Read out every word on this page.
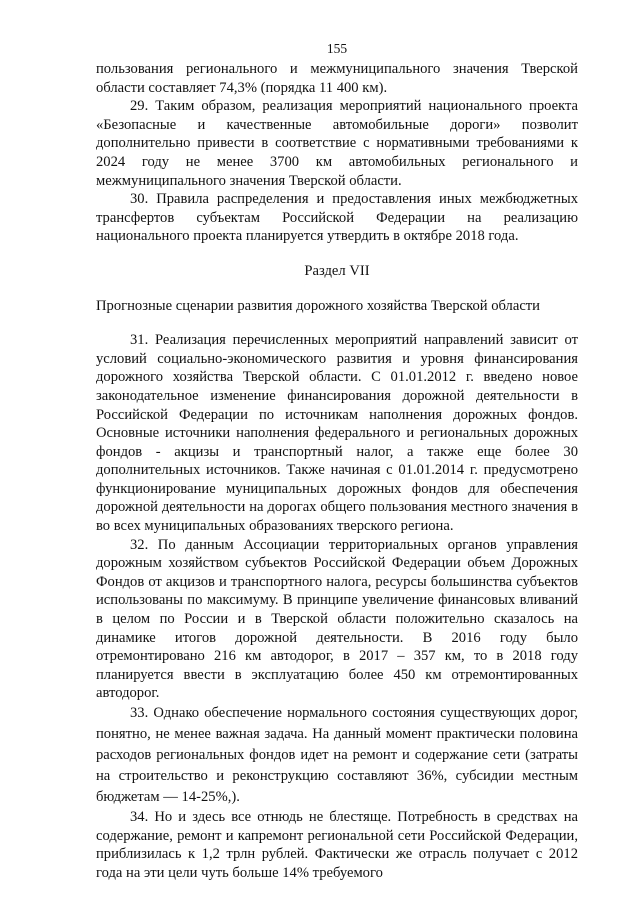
155

пользования регионального и межмуниципального значения Тверской области составляет 74,3% (порядка 11 400 км).

29. Таким образом, реализация мероприятий национального проекта «Безопасные и качественные автомобильные дороги» позволит дополнительно привести в соответствие с нормативными требованиями к 2024 году не менее 3700 км автомобильных регионального и межмуниципального значения Тверской области.

30. Правила распределения и предоставления иных межбюджетных трансфертов субъектам Российской Федерации на реализацию национального проекта планируется утвердить в октябре 2018 года.

Раздел VII
Прогнозные сценарии развития дорожного хозяйства Тверской области

31. Реализация перечисленных мероприятий направлений зависит от условий социально-экономического развития и уровня финансирования дорожного хозяйства Тверской области. С 01.01.2012 г. введено новое законодательное изменение финансирования дорожной деятельности в Российской Федерации по источникам наполнения дорожных фондов. Основные источники наполнения федерального и региональных дорожных фондов - акцизы и транспортный налог, а также еще более 30 дополнительных источников. Также начиная с 01.01.2014 г. предусмотрено функционирование муниципальных дорожных фондов для обеспечения дорожной деятельности на дорогах общего пользования местного значения в во всех муниципальных образованиях тверского региона.

32. По данным Ассоциации территориальных органов управления дорожным хозяйством субъектов Российской Федерации объем Дорожных Фондов от акцизов и транспортного налога, ресурсы большинства субъектов использованы по максимуму. В принципе увеличение финансовых вливаний в целом по России и в Тверской области положительно сказалось на динамике итогов дорожной деятельности. В 2016 году было отремонтировано 216 км автодорог, в 2017 – 357 км, то в 2018 году планируется ввести в эксплуатацию более 450 км отремонтированных автодорог.

33. Однако обеспечение нормального состояния существующих дорог, понятно, не менее важная задача. На данный момент практически половина расходов региональных фондов идет на ремонт и содержание сети (затраты на строительство и реконструкцию составляют 36%, субсидии местным бюджетам — 14-25%,).

34. Но и здесь все отнюдь не блестяще. Потребность в средствах на содержание, ремонт и капремонт региональной сети Российской Федерации, приблизилась к 1,2 трлн рублей. Фактически же отрасль получает с 2012 года на эти цели чуть больше 14% требуемого
